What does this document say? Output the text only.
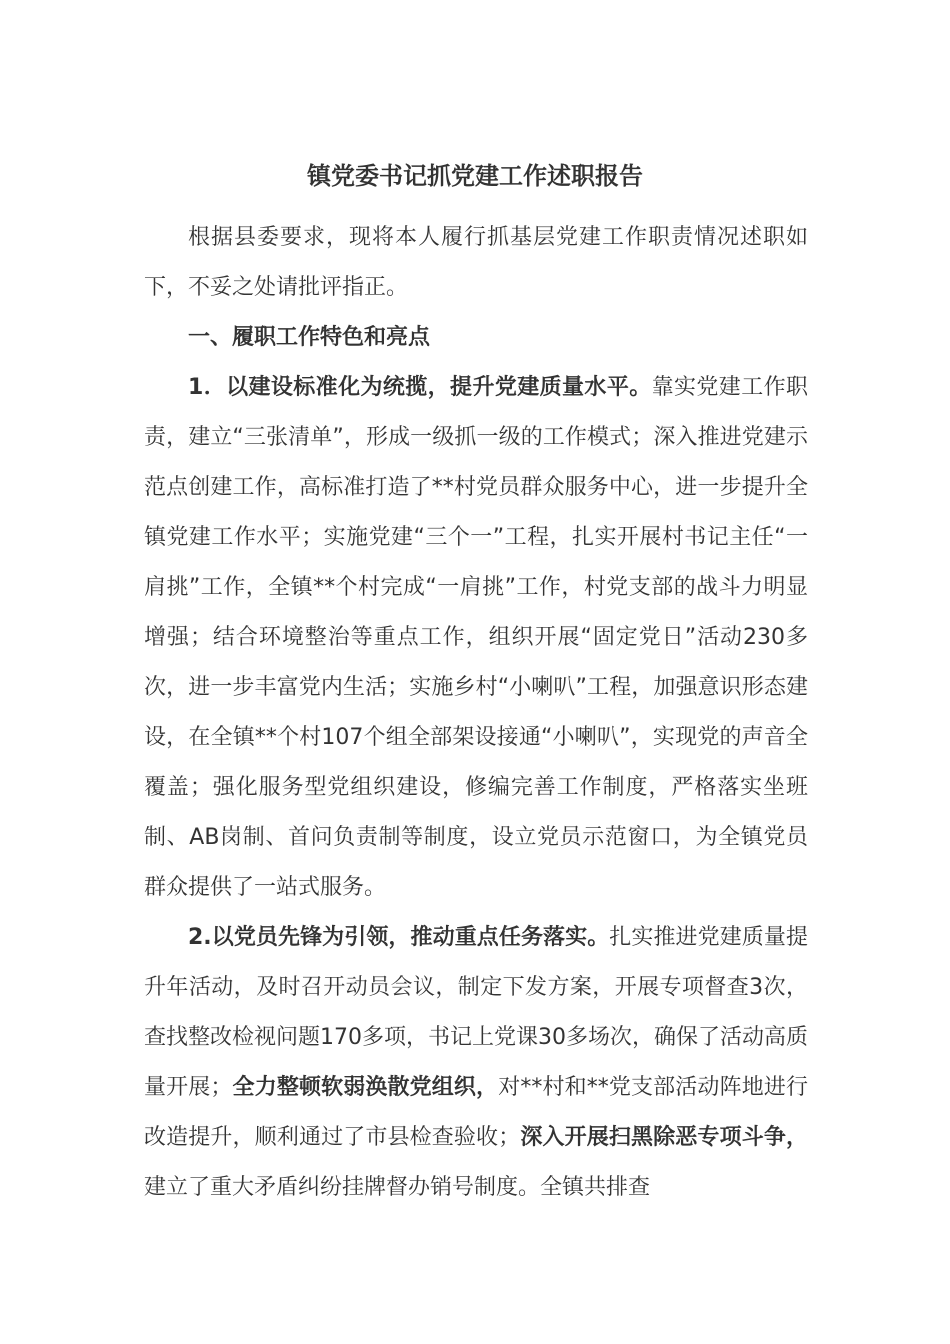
镇党委书记抓党建工作述职报告

根据县委要求，现将本人履行抓基层党建工作职责情况述职如下，不妥之处请批评指正。

一、履职工作特色和亮点

1．以建设标准化为统揽，提升党建质量水平。靠实党建工作职责，建立“三张清单”，形成一级抓一级的工作模式；深入推进党建示范点创建工作，高标准打造了**村党员群众服务中心，进一步提升全镇党建工作水平；实施党建“三个一”工程，扎实开展村书记主任“一肩挑”工作，全镇**个村完成“一肩挑”工作，村党支部的战斗力明显增强；结合环境整治等重点工作，组织开展“固定党日”活动230多次，进一步丰富党内生活；实施乡村“小喇叭”工程，加强意识形态建设，在全镇**个村107个组全部架设接通“小喇叭”，实现党的声音全覆盖；强化服务型党组织建设，修编完善工作制度，严格落实坐班制、AB岗制、首问负责制等制度，设立党员示范窗口，为全镇党员群众提供了一站式服务。

2.以党员先锋为引领，推动重点任务落实。扎实推进党建质量提升年活动，及时召开动员会议，制定下发方案，开展专项督查3次，查找整改检视问题170多项，书记上党课30多场次，确保了活动高质量开展；全力整顿软弱涣散党组织，对**村和**党支部活动阵地进行改造提升，顺利通过了市县检查验收；深入开展扫黑除恶专项斗争，建立了重大矛盾纠纷挂牌督办销号制度。全镇共排查
